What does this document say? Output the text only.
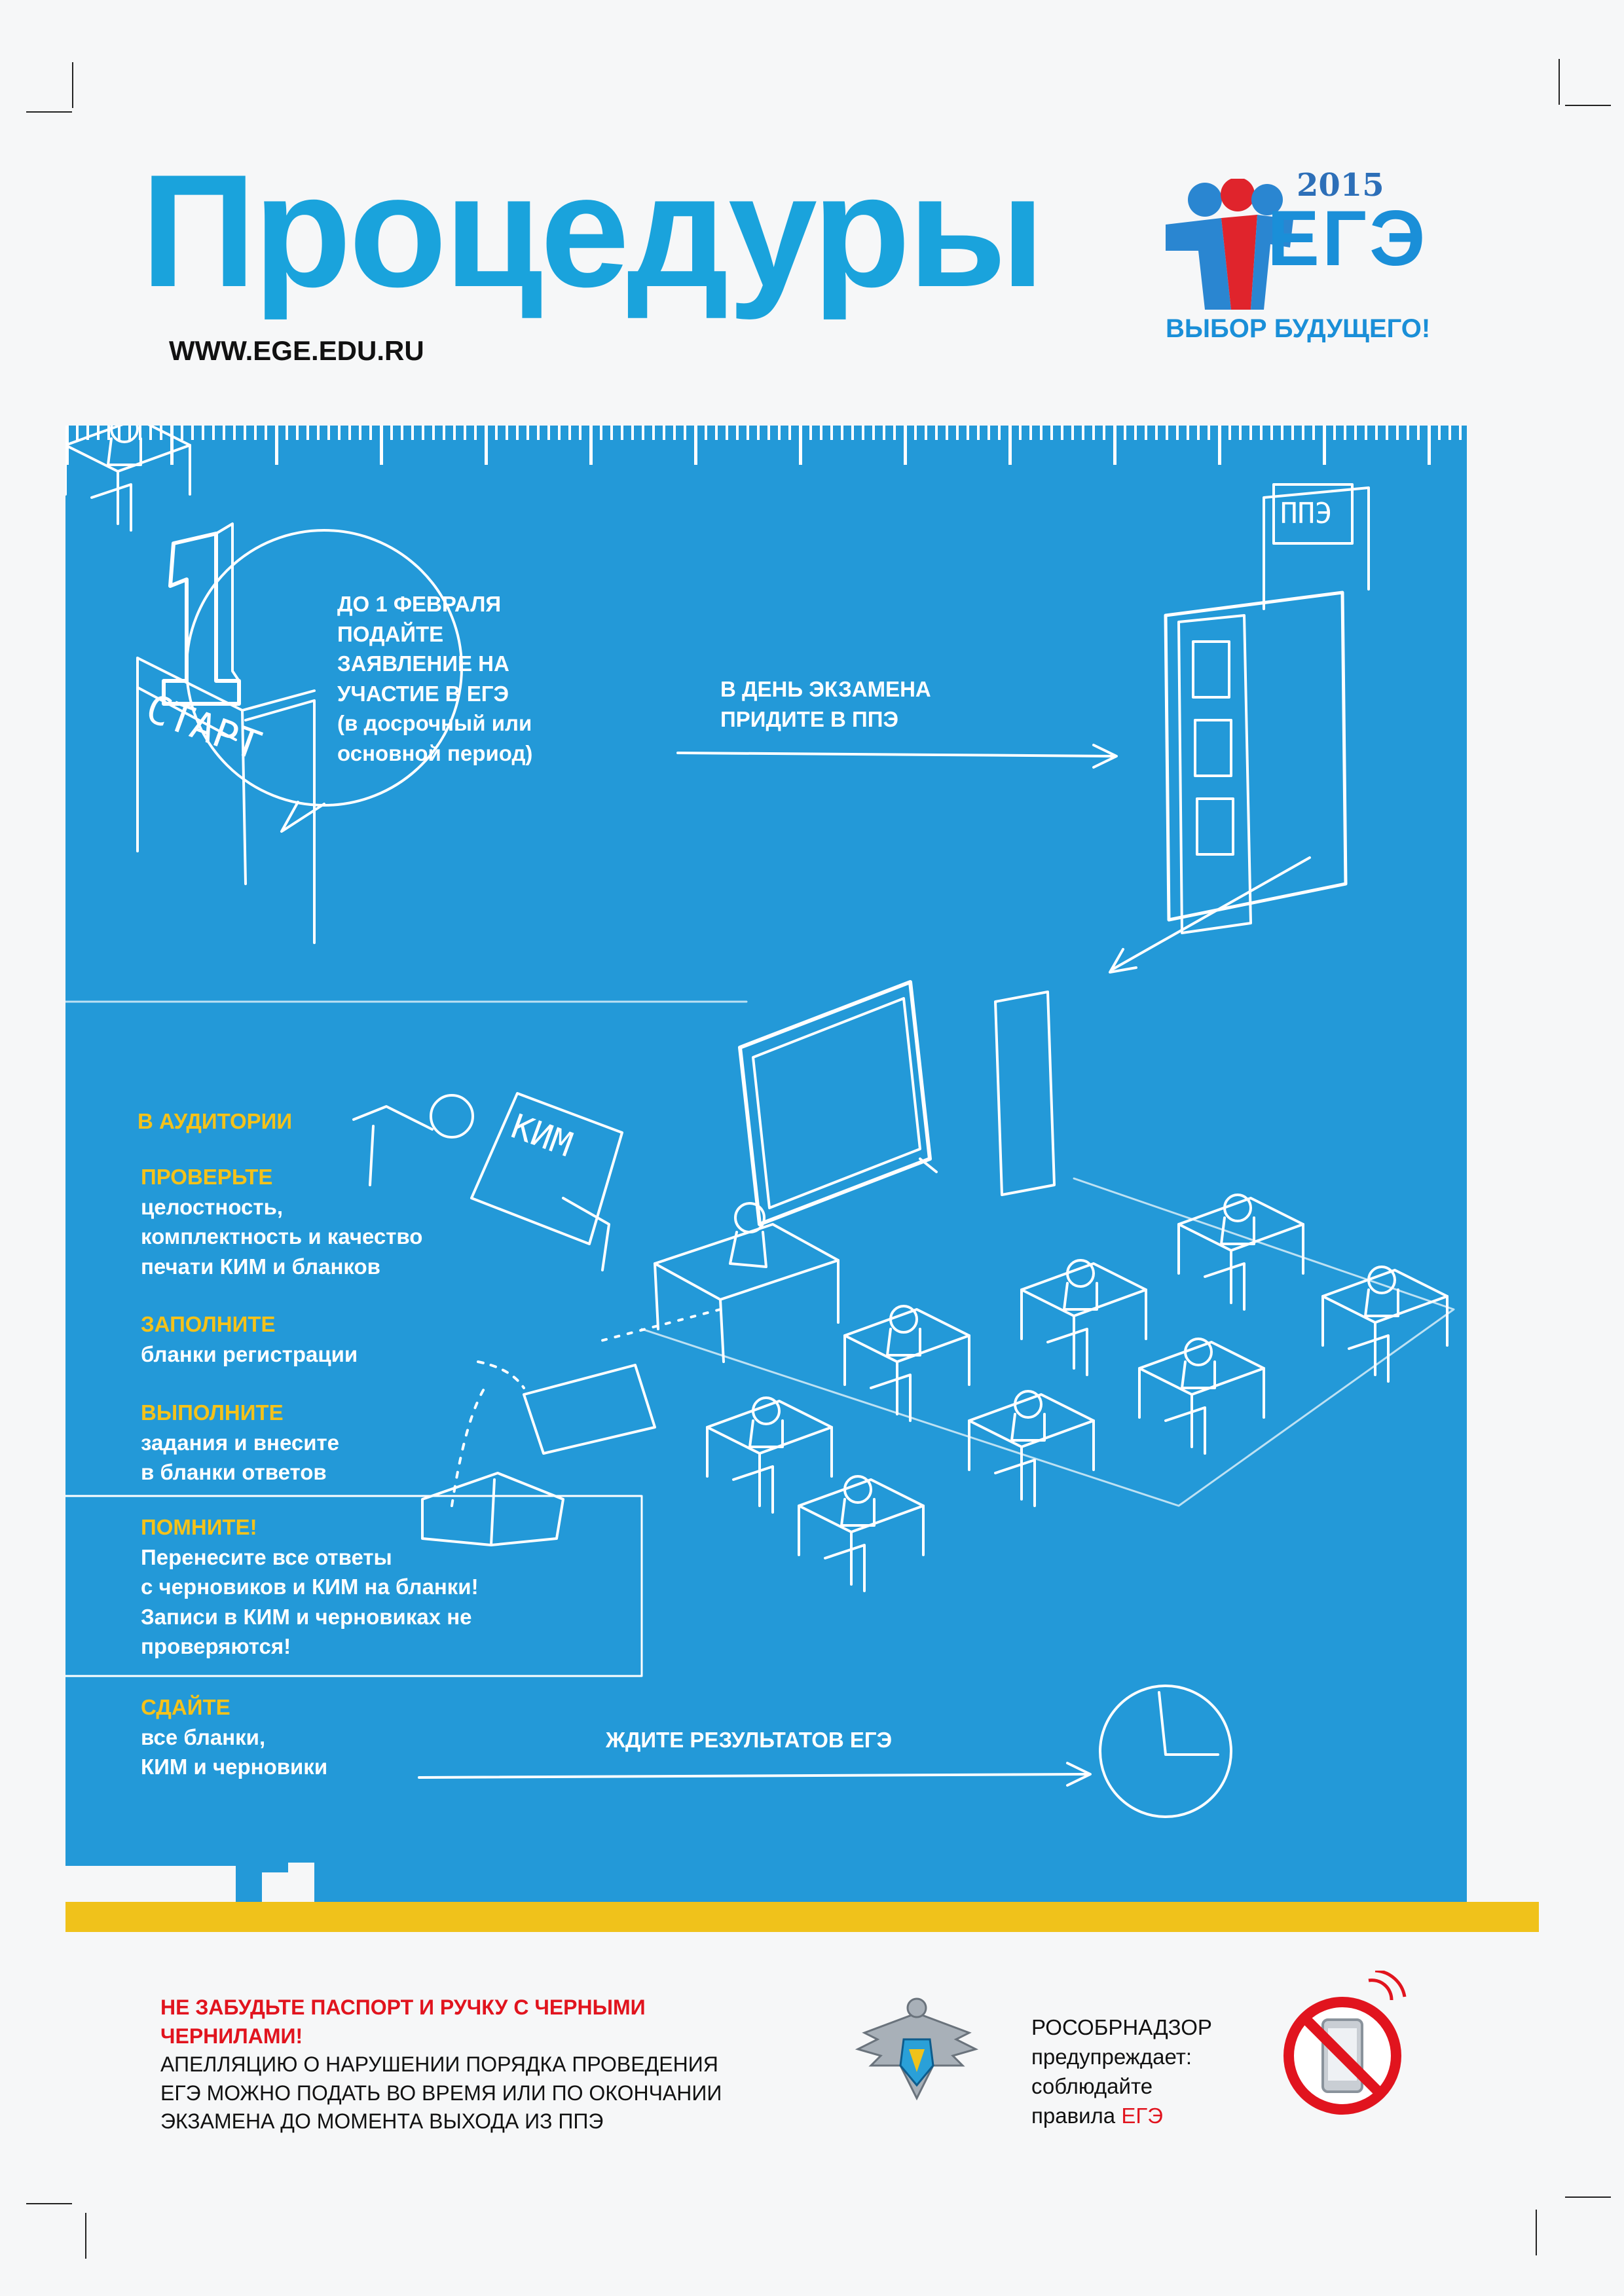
Процедуры
WWW.EGE.EDU.RU
2015
ЕГЭ
ВЫБОР БУДУЩЕГО!
СТАРТ
ППЭ
КИМ
ДО 1 ФЕВРАЛЯ
ПОДАЙТЕ
ЗАЯВЛЕНИЕ НА
УЧАСТИЕ В ЕГЭ
(в досрочный или
основной период)
В ДЕНЬ ЭКЗАМЕНА
ПРИДИТЕ В ППЭ
В АУДИТОРИИ
ПРОВЕРЬТЕ
целостность,
комплектность и качество
печати КИМ и бланков
ЗАПОЛНИТЕ
бланки регистрации
ВЫПОЛНИТЕ
задания и внесите
в бланки ответов
ПОМНИТЕ!
Перенесите все ответы
с черновиков и КИМ на бланки!
Записи в КИМ и черновиках не
проверяются!
СДАЙТЕ
все бланки,
КИМ и черновики
ЖДИТЕ РЕЗУЛЬТАТОВ ЕГЭ
НЕ ЗАБУДЬТЕ ПАСПОРТ И РУЧКУ С ЧЕРНЫМИ
ЧЕРНИЛАМИ!
АПЕЛЛЯЦИЮ О НАРУШЕНИИ ПОРЯДКА ПРОВЕДЕНИЯ
ЕГЭ МОЖНО ПОДАТЬ ВО ВРЕМЯ ИЛИ ПО ОКОНЧАНИИ
ЭКЗАМЕНА ДО МОМЕНТА ВЫХОДА ИЗ ППЭ
РОСОБРНАДЗОР
предупреждает:
соблюдайте
правила ЕГЭ
